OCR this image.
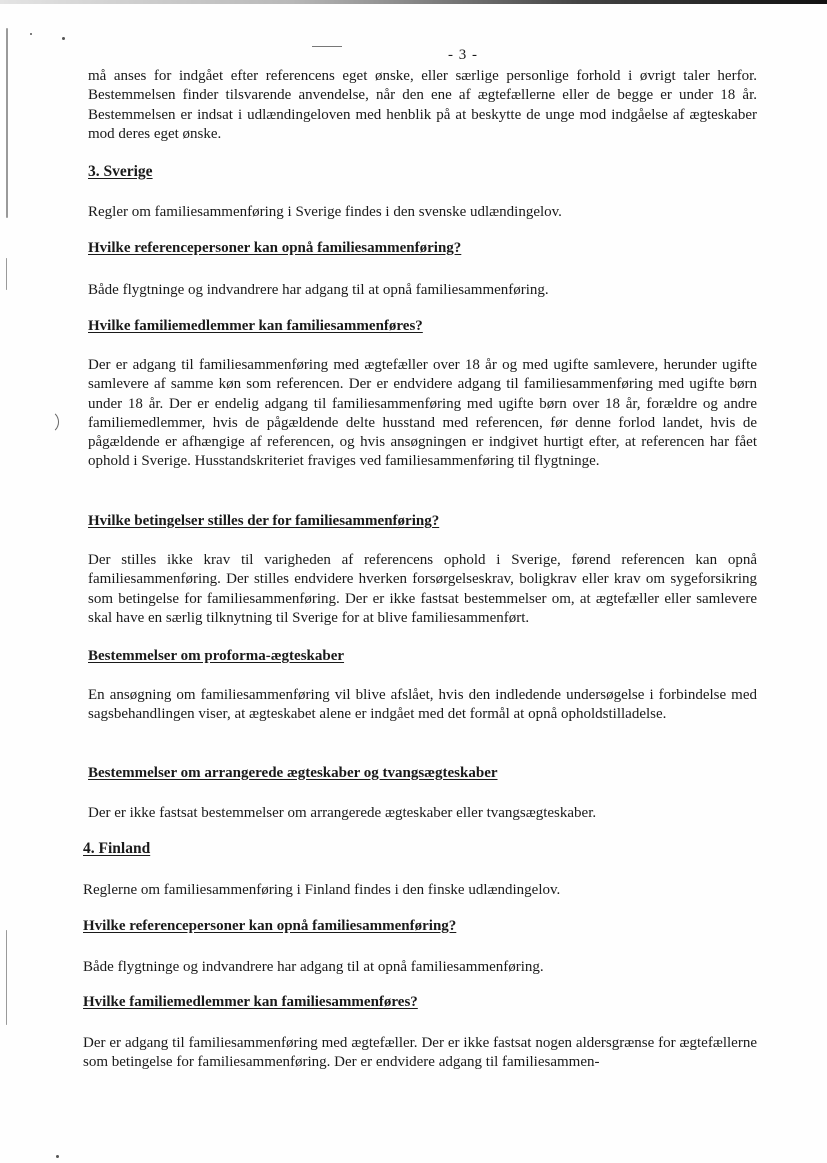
- 3 -

må anses for indgået efter referencens eget ønske, eller særlige personlige forhold i øvrigt taler herfor. Bestemmelsen finder tilsvarende anvendelse, når den ene af ægtefællerne eller de begge er under 18 år. Bestemmelsen er indsat i udlændingeloven med henblik på at beskytte de unge mod indgåelse af ægteskaber mod deres eget ønske.

3. Sverige

Regler om familiesammenføring i Sverige findes i den svenske udlændingelov.

Hvilke referencepersoner kan opnå familiesammenføring?

Både flygtninge og indvandrere har adgang til at opnå familiesammenføring.

Hvilke familiemedlemmer kan familiesammenføres?

Der er adgang til familiesammenføring med ægtefæller over 18 år og med ugifte samlevere, herunder ugifte samlevere af samme køn som referencen. Der er endvidere adgang til familiesammenføring med ugifte børn under 18 år. Der er endelig adgang til familiesammenføring med ugifte børn over 18 år, forældre og andre familiemedlemmer, hvis de pågældende delte husstand med referencen, før denne forlod landet, hvis de pågældende er afhængige af referencen, og hvis ansøgningen er indgivet hurtigt efter, at referencen har fået ophold i Sverige. Husstandskriteriet fraviges ved familiesammenføring til flygtninge.

Hvilke betingelser stilles der for familiesammenføring?

Der stilles ikke krav til varigheden af referencens ophold i Sverige, førend referencen kan opnå familiesammenføring. Der stilles endvidere hverken forsørgelseskrav, boligkrav eller krav om sygeforsikring som betingelse for familiesammenføring. Der er ikke fastsat bestemmelser om, at ægtefæller eller samlevere skal have en særlig tilknytning til Sverige for at blive familiesammenført.

Bestemmelser om proforma-ægteskaber

En ansøgning om familiesammenføring vil blive afslået, hvis den indledende undersøgelse i forbindelse med sagsbehandlingen viser, at ægteskabet alene er indgået med det formål at opnå opholdstilladelse.

Bestemmelser om arrangerede ægteskaber og tvangsægteskaber

Der er ikke fastsat bestemmelser om arrangerede ægteskaber eller tvangsægteskaber.

4. Finland

Reglerne om familiesammenføring i Finland findes i den finske udlændingelov.

Hvilke referencepersoner kan opnå familiesammenføring?

Både flygtninge og indvandrere har adgang til at opnå familiesammenføring.

Hvilke familiemedlemmer kan familiesammenføres?

Der er adgang til familiesammenføring med ægtefæller. Der er ikke fastsat nogen aldersgrænse for ægtefællerne som betingelse for familiesammenføring. Der er endvidere adgang til familiesammen-
